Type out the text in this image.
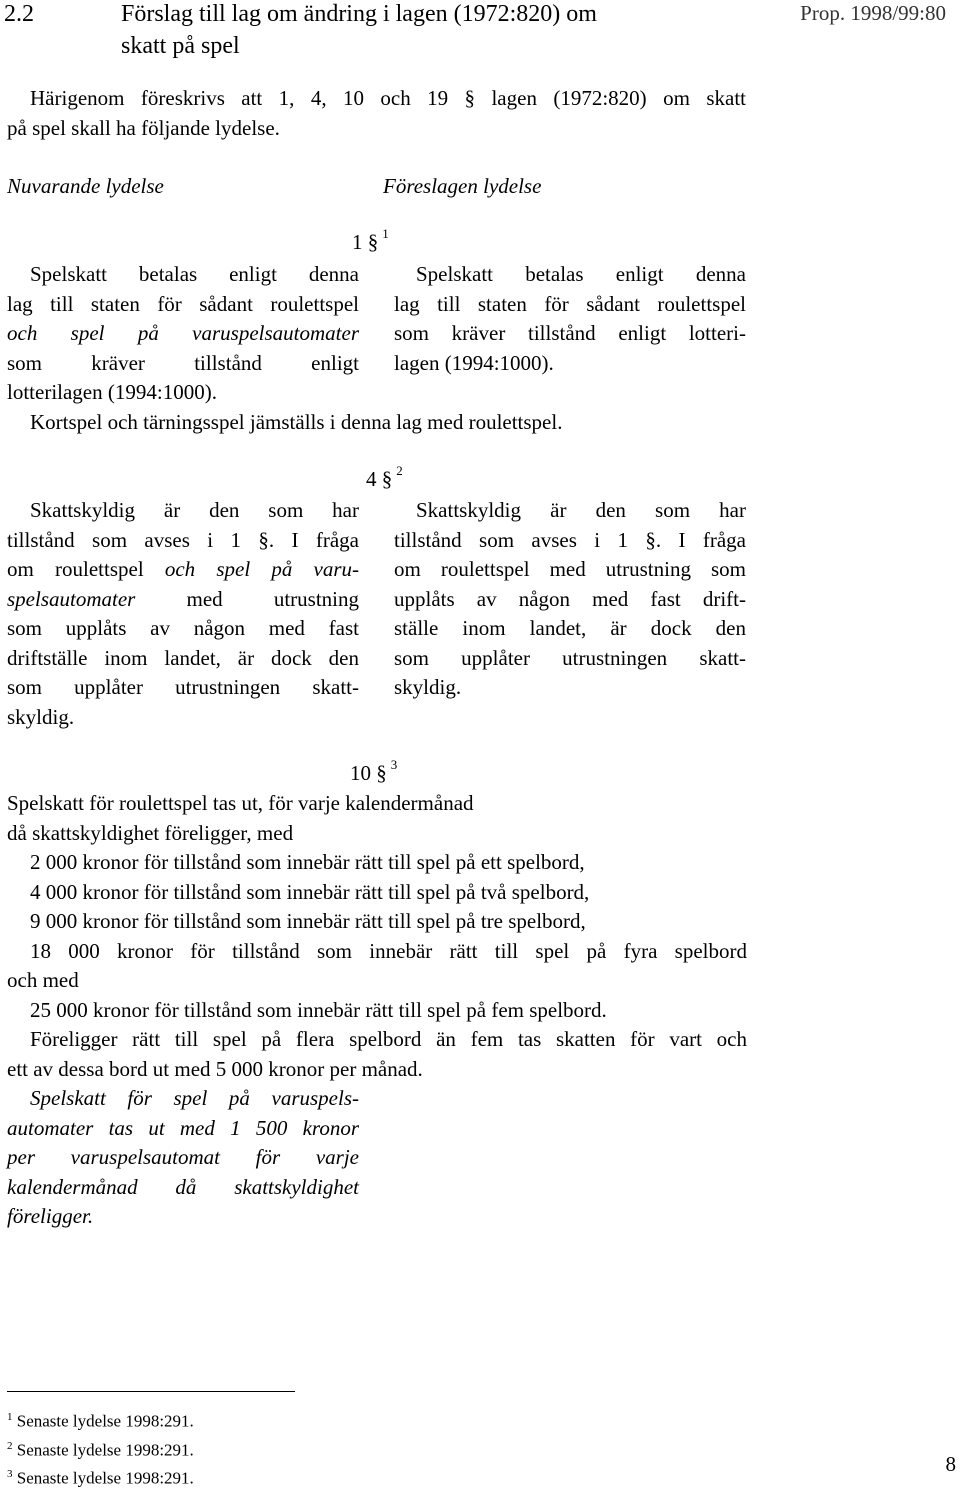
2.2	Förslag till lag om ändring i lagen (1972:820) om
skatt på spel
Prop. 1998/99:80
Härigenom föreskrivs att 1, 4, 10 och 19 § lagen (1972:820) om skatt
på spel skall ha följande lydelse.
Nuvarande lydelse	Föreslagen lydelse
1 § $^1$
Spelskatt betalas enligt denna
lag till staten för sådant roulettspel
och spel på varuspelsautomater
som kräver tillstånd enligt
lotterilagen (1994:1000).
Spelskatt betalas enligt denna
lag till staten för sådant roulettspel
som kräver tillstånd enligt lotteri-
lagen (1994:1000).
Kortspel och tärningsspel jämställs i denna lag med roulettspel.
4 § $^2$
Skattskyldig är den som har
tillstånd som avses i 1 §. I fråga
om roulettspel och spel på varu-
spelsautomater med utrustning
som upplåts av någon med fast
driftställe inom landet, är dock den
som upplåter utrustningen skatt-
skyldig.
Skattskyldig är den som har
tillstånd som avses i 1 §. I fråga
om roulettspel med utrustning som
upplåts av någon med fast drift-
ställe inom landet, är dock den
som upplåter utrustningen skatt-
skyldig.
10 § $^3$
Spelskatt för roulettspel tas ut, för varje kalendermånad
då skattskyldighet föreligger, med
2 000 kronor för tillstånd som innebär rätt till spel på ett spelbord,
4 000 kronor för tillstånd som innebär rätt till spel på två spelbord,
9 000 kronor för tillstånd som innebär rätt till spel på tre spelbord,
18 000 kronor för tillstånd som innebär rätt till spel på fyra spelbord
och med
25 000 kronor för tillstånd som innebär rätt till spel på fem spelbord.
Föreligger rätt till spel på flera spelbord än fem tas skatten för vart och
ett av dessa bord ut med 5 000 kronor per månad.
Spelskatt för spel på varuspels-
automater tas ut med 1 500 kronor
per varuspelsautomat för varje
kalendermånad då skattskyldighet
föreligger.
$^1$ Senaste lydelse 1998:291.
$^2$ Senaste lydelse 1998:291.
$^3$ Senaste lydelse 1998:291.
8
